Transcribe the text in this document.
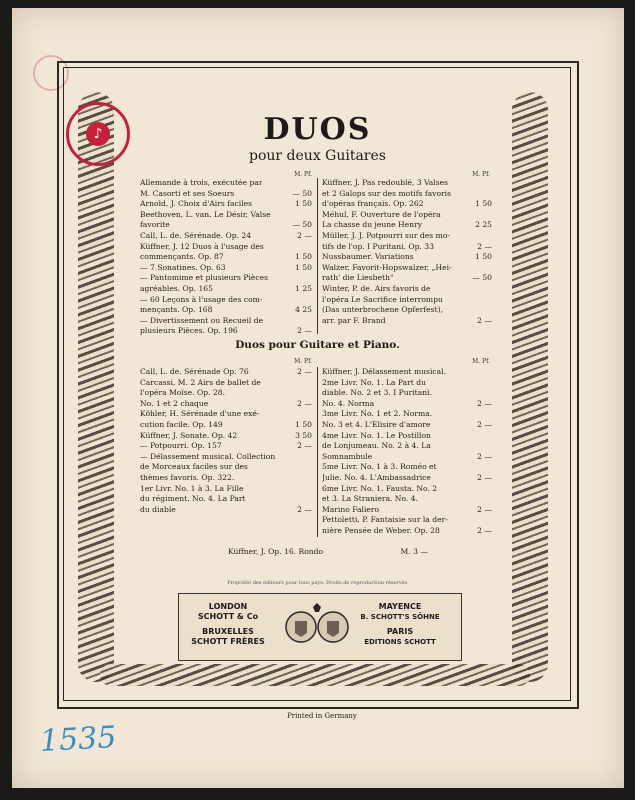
♪	DUOS
pour deux Guitares
M. Pf.	M. Pf.
Allemande à trois, exécutée par
M. Casorti et ses Soeurs	— 50
Arnold, J. Choix d'Airs faciles	1 50
Beethoven, L. van. Le Désir, Valse
favorite	— 50
Call, L. de. Sérénade. Op. 24	2 —
Küffner, J. 12 Duos à l'usage des
commençants. Op. 87	1 50
— 7 Sonatines. Op. 63	1 50
— Pantomime et plusieurs Pièces
agréables. Op. 165	1 25
— 60 Leçons à l'usage des com-
mençants. Op. 168	4 25
— Divertissement ou Recueil de
plusieurs Pièces. Op. 196	2 —
Küffner, J. Pas redoublé, 3 Valses
et 2 Galops sur des motifs favoris
d'opéras français. Op. 262	1 50
Méhul, F. Ouverture de l'opéra
La chasse du jeune Henry	2 25
Müller, J. J. Potpourri sur des mo-
tifs de l'op. I Puritani. Op. 33	2 —
Nussbaumer. Variations	1 50
Walzer, Favorit-Hopswalzer, „Hei-
rath' die Liesbeth"	— 50
Winter, P. de. Airs favoris de
l'opéra Le Sacrifice interrompu
(Das unterbrochene Opferfest),
arr. par F. Brand	2 —
Duos pour Guitare et Piano.
M. Pf.	M. Pf.
Call, L. de. Sérénade Op. 76	2 —
Carcassi, M. 2 Airs de ballet de
l'opéra Moïse. Op. 28.
No. 1 et 2 chaque	2 —
Köhler, H. Sérénade d'une exé-
cution facile. Op. 149	1 50
Küffner, J. Sonate. Op. 42	3 50
— Potpourri. Op. 157	2 —
— Délassement musical. Collection
de Morceaux faciles sur des
thèmes favoris. Op. 322.
1er Livr. No. 1 à 3. La Fille
du régiment. No. 4. La Part
du diable	2 —
Küffner, J. Délassement musical.
2me Livr. No. 1. La Part du
diable. No. 2 et 3. I Puritani.
No. 4. Norma	2 —
3me Livr. No. 1 et 2. Norma.
No. 3 et 4. L'Elisire d'amore	2 —
4me Livr. No. 1. Le Postillon
de Lonjumeau. No. 2 à 4. La
Somnambule	2 —
5me Livr. No. 1 à 3. Roméo et
Julie. No. 4. L'Ambassadrice	2 —
6me Livr. No. 1. Fausta. No. 2
et 3. La Straniera. No. 4.
Marino Faliero	2 —
Pettoletti, P. Fantaisie sur la der-
nière Pensée de Weber. Op. 28	2 —
Küffner, J. Op. 16. Rondo	M. 3 —
Propriété des éditeurs pour tous pays. Droits de reproduction réservés.
LONDON
SCHOTT & Co
BRUXELLES
SCHOTT FRÈRES
MAYENCE
B. SCHOTT'S SÖHNE
PARIS
EDITIONS SCHOTT
Printed in Germany
1535
